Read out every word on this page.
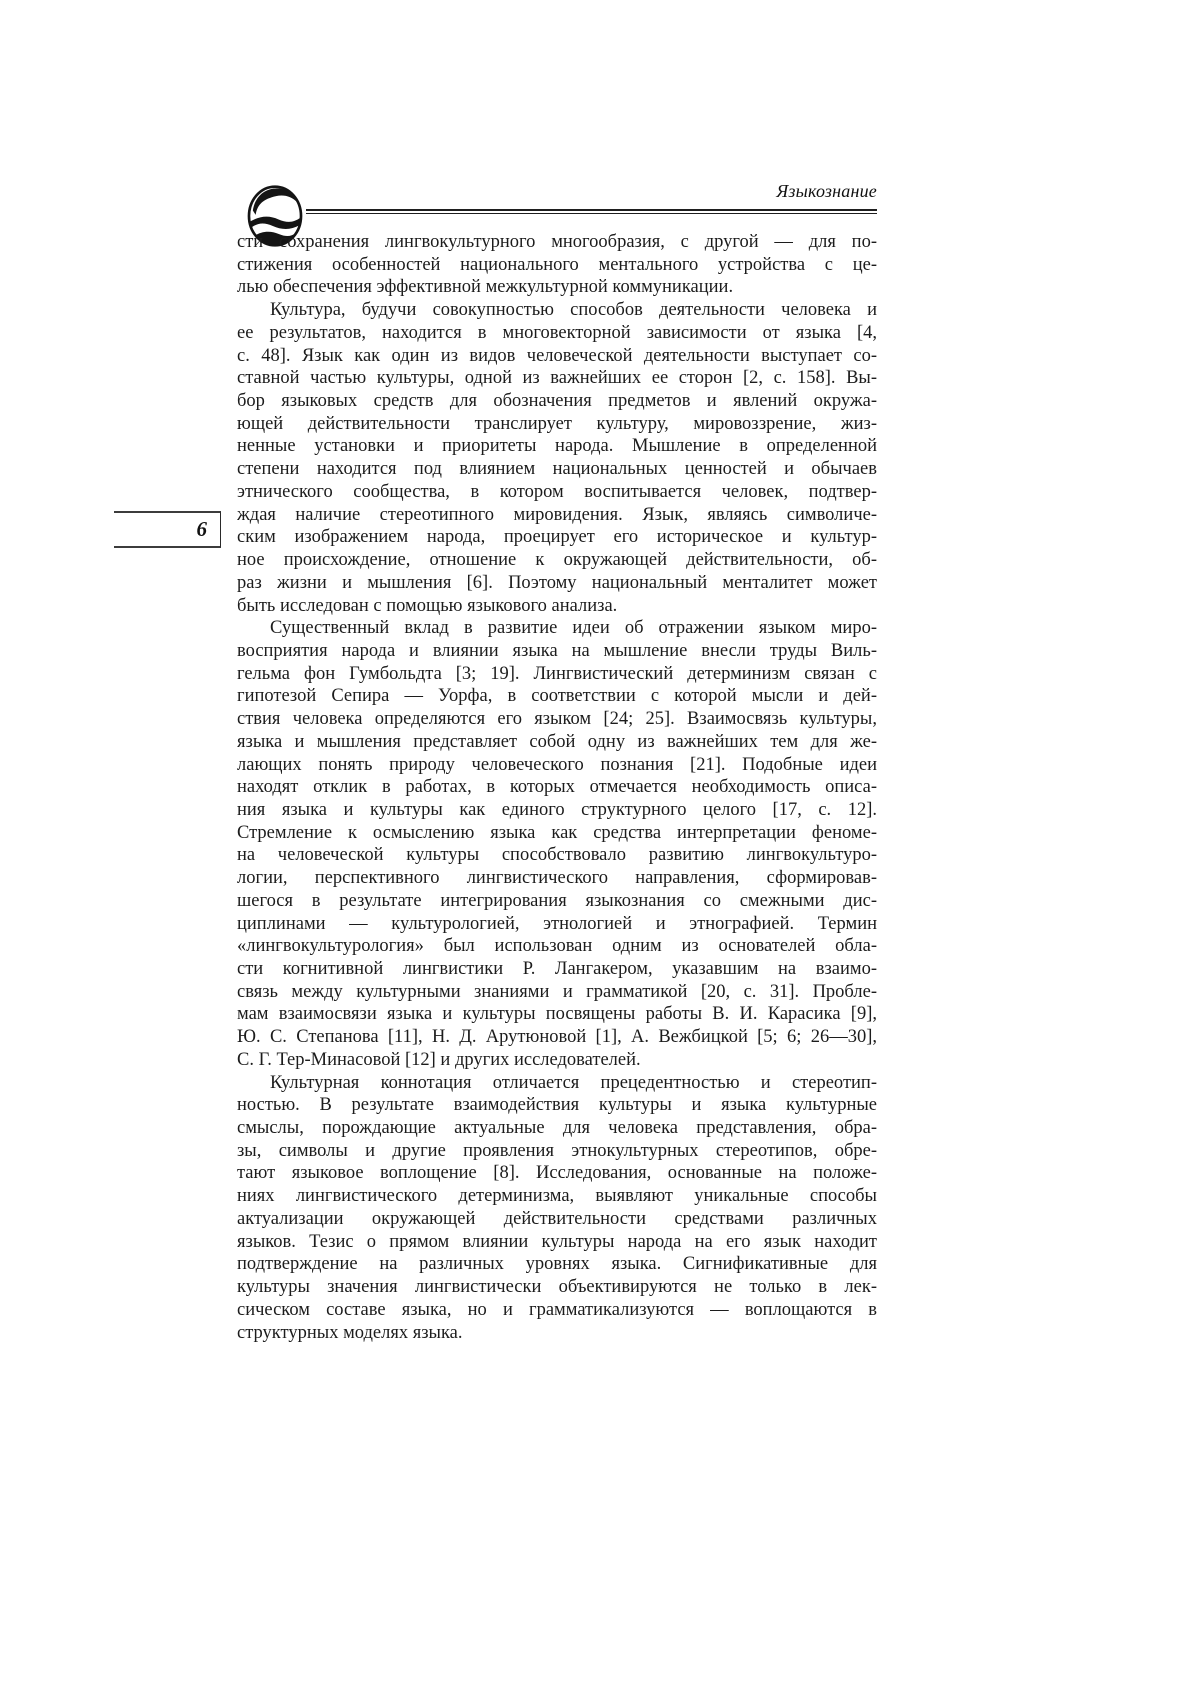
Языкознание
6
сти сохранения лингвокультурного многообразия, с другой — для по-
стижения особенностей национального ментального устройства с це-
лью обеспечения эффективной межкультурной коммуникации.
Культура, будучи совокупностью способов деятельности человека и
ее результатов, находится в многовекторной зависимости от языка [4,
с. 48]. Язык как один из видов человеческой деятельности выступает со-
ставной частью культуры, одной из важнейших ее сторон [2, с. 158]. Вы-
бор языковых средств для обозначения предметов и явлений окружа-
ющей действительности транслирует культуру, мировоззрение, жиз-
ненные установки и приоритеты народа. Мышление в определенной
степени находится под влиянием национальных ценностей и обычаев
этнического сообщества, в котором воспитывается человек, подтвер-
ждая наличие стереотипного мировидения. Язык, являясь символиче-
ским изображением народа, проецирует его историческое и культур-
ное происхождение, отношение к окружающей действительности, об-
раз жизни и мышления [6]. Поэтому национальный менталитет может
быть исследован с помощью языкового анализа.
Существенный вклад в развитие идеи об отражении языком миро-
восприятия народа и влиянии языка на мышление внесли труды Виль-
гельма фон Гумбольдта [3; 19]. Лингвистический детерминизм связан с
гипотезой Сепира — Уорфа, в соответствии с которой мысли и дей-
ствия человека определяются его языком [24; 25]. Взаимосвязь культуры,
языка и мышления представляет собой одну из важнейших тем для же-
лающих понять природу человеческого познания [21]. Подобные идеи
находят отклик в работах, в которых отмечается необходимость описа-
ния языка и культуры как единого структурного целого [17, с. 12].
Стремление к осмыслению языка как средства интерпретации феноме-
на человеческой культуры способствовало развитию лингвокультуро-
логии, перспективного лингвистического направления, сформировав-
шегося в результате интегрирования языкознания со смежными дис-
циплинами — культурологией, этнологией и этнографией. Термин
«лингвокультурология» был использован одним из основателей обла-
сти когнитивной лингвистики Р. Лангакером, указавшим на взаимо-
связь между культурными знаниями и грамматикой [20, с. 31]. Пробле-
мам взаимосвязи языка и культуры посвящены работы В. И. Карасика [9],
Ю. С. Степанова [11], Н. Д. Арутюновой [1], А. Вежбицкой [5; 6; 26—30],
С. Г. Тер-Минасовой [12] и других исследователей.
Культурная коннотация отличается прецедентностью и стереотип-
ностью. В результате взаимодействия культуры и языка культурные
смыслы, порождающие актуальные для человека представления, обра-
зы, символы и другие проявления этнокультурных стереотипов, обре-
тают языковое воплощение [8]. Исследования, основанные на положе-
ниях лингвистического детерминизма, выявляют уникальные способы
актуализации окружающей действительности средствами различных
языков. Тезис о прямом влиянии культуры народа на его язык находит
подтверждение на различных уровнях языка. Сигнификативные для
культуры значения лингвистически объективируются не только в лек-
сическом составе языка, но и грамматикализуются — воплощаются в
структурных моделях языка.
